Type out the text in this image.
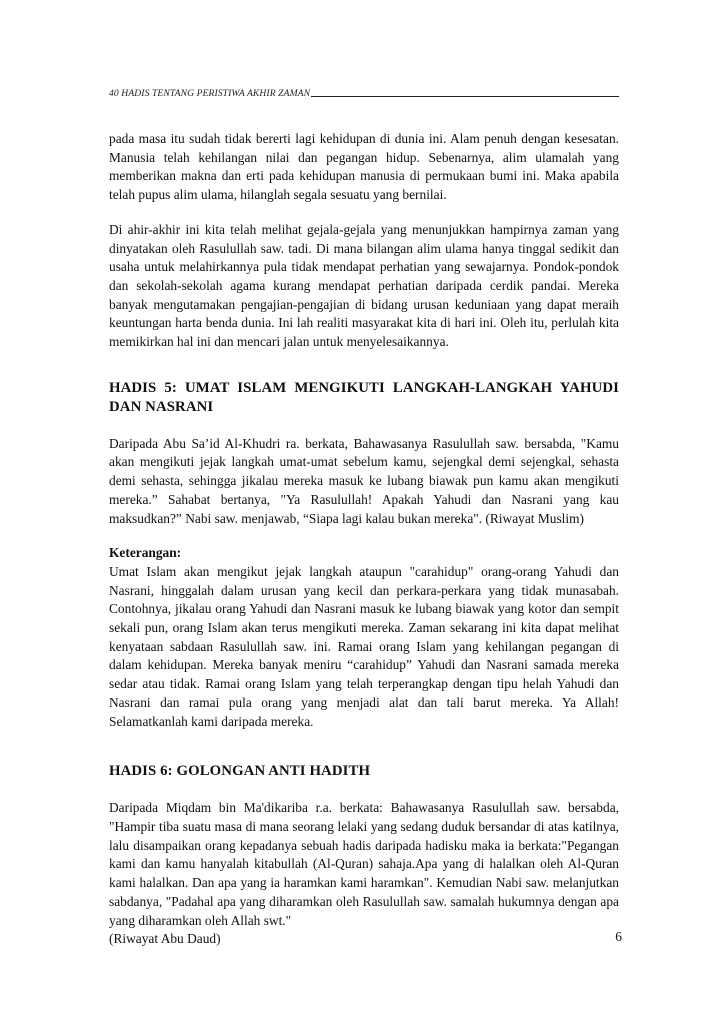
40 HADIS TENTANG PERISTIWA AKHIR ZAMAN

pada masa itu sudah tidak bererti lagi kehidupan di dunia ini. Alam penuh dengan kesesatan. Manusia telah kehilangan nilai dan pegangan hidup. Sebenarnya, alim ulamalah yang memberikan makna dan erti pada kehidupan manusia di permukaan bumi ini. Maka apabila telah pupus alim ulama, hilanglah segala sesuatu yang bernilai.

Di ahir-akhir ini kita telah melihat gejala-gejala yang menunjukkan hampirnya zaman yang dinyatakan oleh Rasulullah saw. tadi. Di mana bilangan alim ulama hanya tinggal sedikit dan usaha untuk melahirkannya pula tidak mendapat perhatian yang sewajarnya. Pondok-pondok dan sekolah-sekolah agama kurang mendapat perhatian daripada cerdik pandai. Mereka banyak mengutamakan pengajian-pengajian di bidang urusan keduniaan yang dapat meraih keuntungan harta benda dunia. Ini lah realiti masyarakat kita di hari ini. Oleh itu, perlulah kita memikirkan hal ini dan mencari jalan untuk menyelesaikannya.

HADIS 5: UMAT ISLAM MENGIKUTI LANGKAH-LANGKAH YAHUDI DAN NASRANI

Daripada Abu Sa’id Al-Khudri ra. berkata, Bahawasanya Rasulullah saw. bersabda, "Kamu akan mengikuti jejak langkah umat-umat sebelum kamu, sejengkal demi sejengkal, sehasta demi sehasta, sehingga jikalau mereka masuk ke lubang biawak pun kamu akan mengikuti mereka.” Sahabat bertanya, "Ya Rasulullah! Apakah Yahudi dan Nasrani yang kau maksudkan?” Nabi saw. menjawab, “Siapa lagi kalau bukan mereka". (Riwayat Muslim)

Keterangan:
Umat Islam akan mengikut jejak langkah ataupun "carahidup" orang-orang Yahudi dan Nasrani, hinggalah dalam urusan yang kecil dan perkara-perkara yang tidak munasabah. Contohnya, jikalau orang Yahudi dan Nasrani masuk ke lubang biawak yang kotor dan sempit sekali pun, orang Islam akan terus mengikuti mereka. Zaman sekarang ini kita dapat melihat kenyataan sabdaan Rasulullah saw. ini. Ramai orang Islam yang kehilangan pegangan di dalam kehidupan. Mereka banyak meniru “carahidup” Yahudi dan Nasrani samada mereka sedar atau tidak. Ramai orang Islam yang telah terperangkap dengan tipu helah Yahudi dan Nasrani dan ramai pula orang yang menjadi alat dan tali barut mereka. Ya Allah! Selamatkanlah kami daripada mereka.

HADIS 6: GOLONGAN ANTI HADITH

Daripada Miqdam bin Ma'dikariba r.a. berkata: Bahawasanya Rasulullah saw. bersabda, "Hampir tiba suatu masa di mana seorang lelaki yang sedang duduk bersandar di atas katilnya, lalu disampaikan orang kepadanya sebuah hadis daripada hadisku maka ia berkata:"Pegangan kami dan kamu hanyalah kitabullah (Al-Quran) sahaja.Apa yang di halalkan oleh Al-Quran kami halalkan. Dan apa yang ia haramkan kami haramkan". Kemudian Nabi saw. melanjutkan sabdanya, "Padahal apa yang diharamkan oleh Rasulullah saw. samalah hukumnya dengan apa yang diharamkan oleh Allah swt."

(Riwayat Abu Daud)	6
